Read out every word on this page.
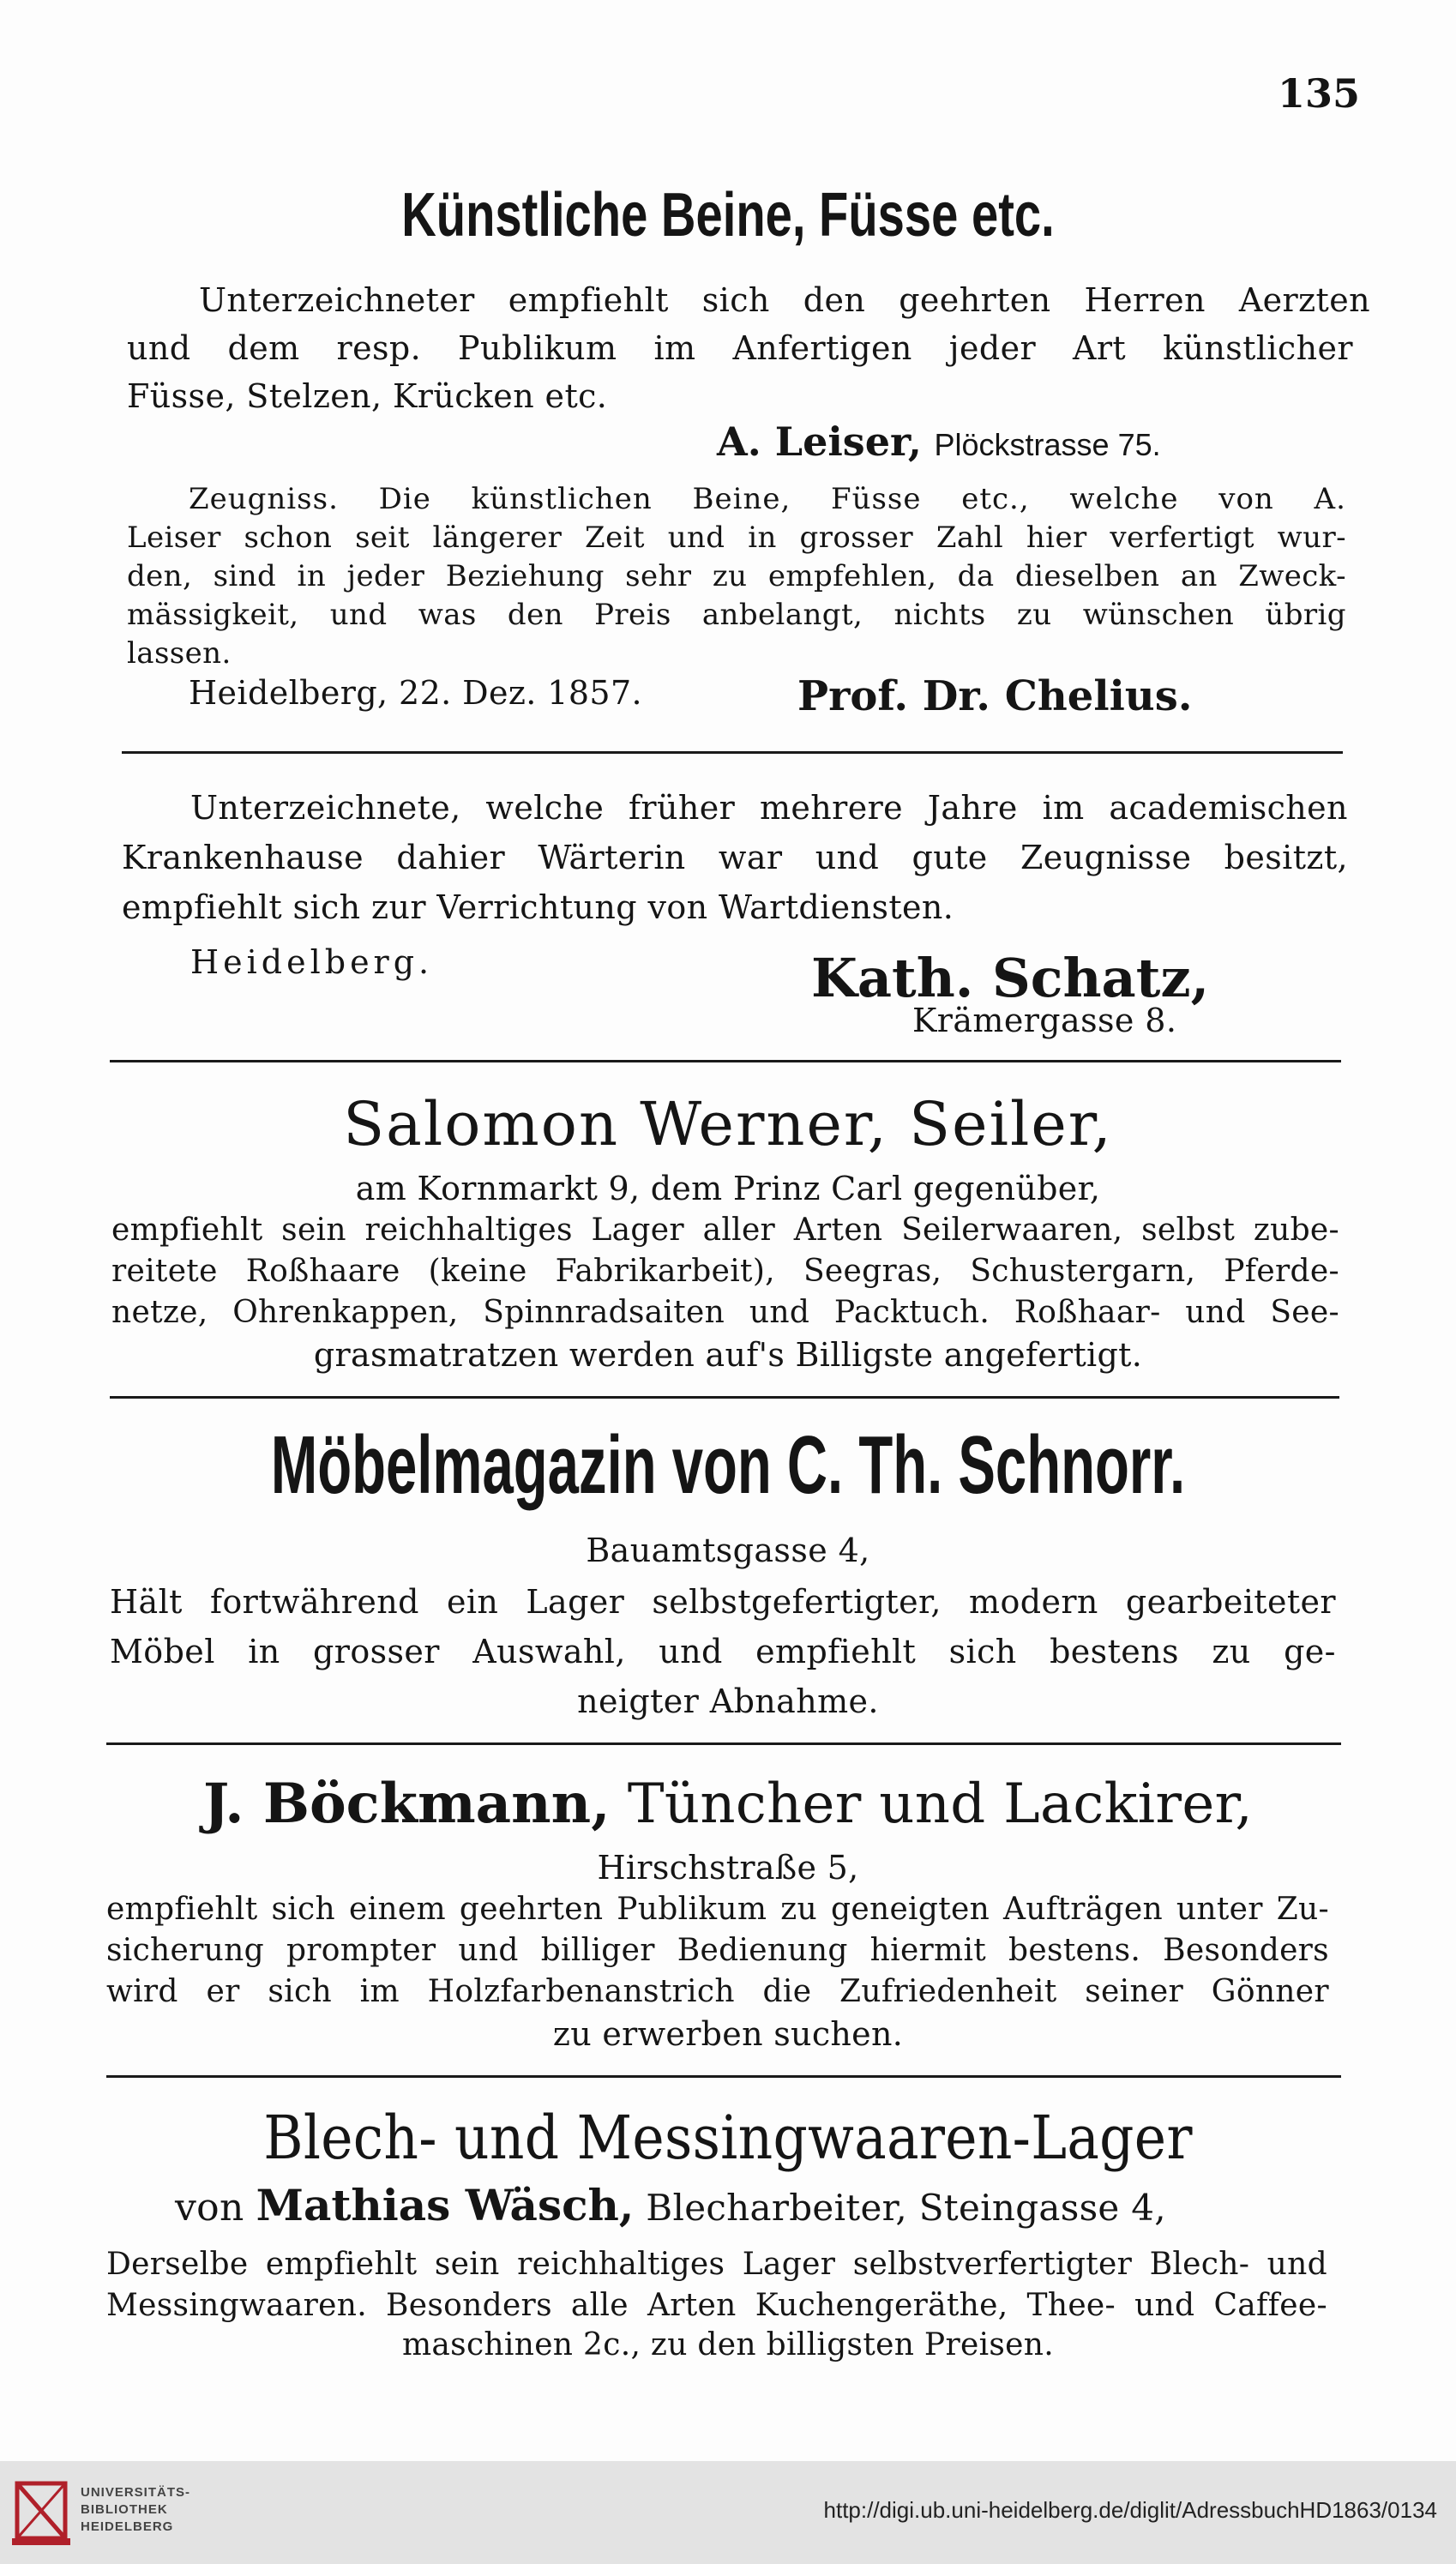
135
Künstliche Beine, Füsse etc.
Unterzeichneter empfiehlt sich den geehrten Herren Aerzten
und dem resp. Publikum im Anfertigen jeder Art künstlicher
Füsse, Stelzen, Krücken etc.
A. Leiser, Plöckstrasse 75.
Zeugniss. Die künstlichen Beine, Füsse etc., welche von A.
Leiser schon seit längerer Zeit und in grosser Zahl hier verfertigt wur-
den, sind in jeder Beziehung sehr zu empfehlen, da dieselben an Zweck-
mässigkeit, und was den Preis anbelangt, nichts zu wünschen übrig
lassen.
Heidelberg, 22. Dez. 1857.	Prof. Dr. Chelius.
Unterzeichnete, welche früher mehrere Jahre im academischen
Krankenhause dahier Wärterin war und gute Zeugnisse besitzt,
empfiehlt sich zur Verrichtung von Wartdiensten.
Heidelberg.	Kath. Schatz,
Krämergasse 8.
Salomon Werner, Seiler,
am Kornmarkt 9, dem Prinz Carl gegenüber,
empfiehlt sein reichhaltiges Lager aller Arten Seilerwaaren, selbst zube-
reitete Roßhaare (keine Fabrikarbeit), Seegras, Schustergarn, Pferde-
netze, Ohrenkappen, Spinnradsaiten und Packtuch. Roßhaar- und See-
grasmatratzen werden auf's Billigste angefertigt.
Möbelmagazin von C. Th. Schnorr.
Bauamtsgasse 4,
Hält fortwährend ein Lager selbstgefertigter, modern gearbeiteter
Möbel in grosser Auswahl, und empfiehlt sich bestens zu ge-
neigter Abnahme.
J. Böckmann, Tüncher und Lackirer,
Hirschstraße 5,
empfiehlt sich einem geehrten Publikum zu geneigten Aufträgen unter Zu-
sicherung prompter und billiger Bedienung hiermit bestens. Besonders
wird er sich im Holzfarbenanstrich die Zufriedenheit seiner Gönner
zu erwerben suchen.
Blech- und Messingwaaren-Lager
von Mathias Wäsch, Blecharbeiter, Steingasse 4,
Derselbe empfiehlt sein reichhaltiges Lager selbstverfertigter Blech- und
Messingwaaren. Besonders alle Arten Kuchengeräthe, Thee- und Caffee-
maschinen 2c., zu den billigsten Preisen.
UNIVERSITÄTS-
BIBLIOTHEK
HEIDELBERG
http://digi.ub.uni-heidelberg.de/diglit/AdressbuchHD1863/0134
